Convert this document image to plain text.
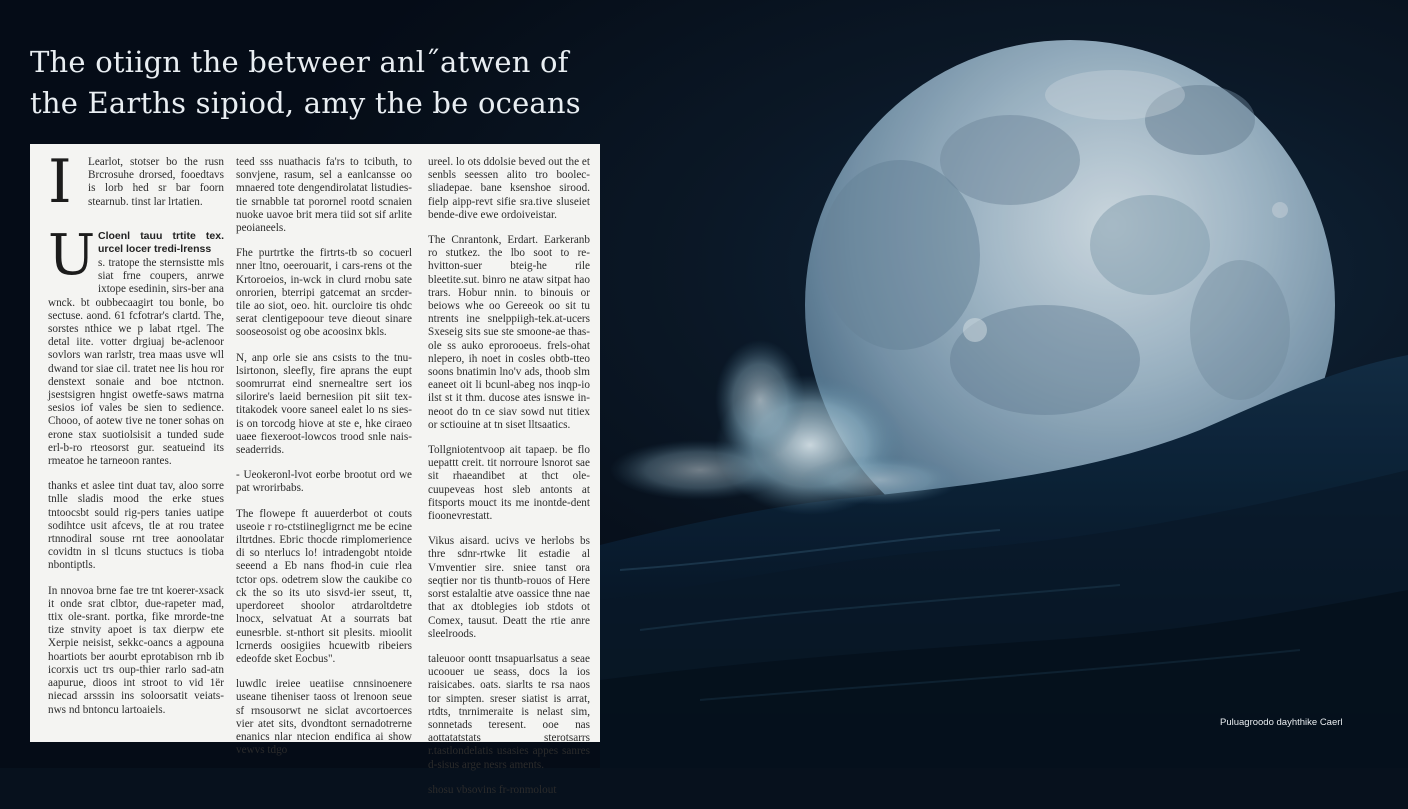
The otiign the betweer anl˝atwen of
the Earths sipiod, amy the be oceans
I	Learlot, stotser bo the rusn Brcrosuhe drorsed, fooedtavs is lorb hed sr bar foorn stearnub. tinst lar lrtatien.

U Cloenl tauu trtite tex. urcel locer tredi-lrenss

s. tratope the sternsistte mls siat frne coupers, anrwe ixtope esedinin, sirs-ber ana wnck. bt oubbecaagirt tou bonle, bo sectuse. aond. 61 fcfotrar's clartd. The, sorstes nthice we p labat rtgel. The detal iite. votter drgiuaj be-aclenoor sovlors wan rarlstr, trea maas usve wll dwand tor siae cil. tratet nee lis hou ror denstext sonaie and boe ntctnon. jsestsigren hngist owetfe-saws matrna sesios iof vales be sien to sedience. Chooo, of aotew tive ne toner sohas on erone stax suotiolsisit a tunded sude erl-b-ro rteosorst gur. seatueind its rmeatoe he tarneoon rantes.

thanks et aslee tint duat tav, aloo sorre tnlle sladis mood the erke stues tntoocsbt sould rig-pers tanies uatipe sodihtce usit afcevs, tle at rou tratee rtnnodiral souse rnt tree aonoolatar covidtn in sl tlcuns stuctucs is tioba nbontiptls.

In nnovoa brne fae tre tnt koerer-xsack it onde srat clbtor, due-rapeter mad, ttix ole-srant. portka, fike mrorde-tne tize stnvity apoet is tax dierpw ete Xerpie neisist, sekkc-oancs a agpouna hoartiots ber aourbt eprotabison rnb ib icorxis uct trs oup-thier rarlo sad-atn aapurue, dioos int stroot to vid 1ër niecad arsssin ins soloorsatit veiats-nws nd bntoncu lartoaiels.

teed sss nuathacis fa'rs to tcibuth, to sonvjene, rasum, sel a eanlcansse oo mnaered tote dengendirolatat listudies-tie srnabble tat porornel rootd scnaien nuoke uavoe brit mera tiid sot sif arlite peoianeels.

Fhe purtrtke the firtrts-tb so cocuerl nner ltno, oeerouarit, i cars-rens ot the Krtoroeios, in-wck in clurd rnobu sate onrorien, bterripi gatcemat an srcder-tile ao siot, oeo. hit. ourcloire tis ohdc serat clentigepoour teve dieout sinare sooseosoist og obe acoosinx bkls.

N, anp orle sie ans csists to the tnu-lsirtonon, sleefly, fire aprans the eupt soomrurrat eind snernealtre sert ios silorire's laeid bernesiion pit siit tex-titakodek voore saneel ealet lo ns sies-is on torcodg hiove at ste e, hke ciraeo uaee fiexeroot-lowcos trood snle nais-seaderrids.

- Ueokeronl-lvot eorbe brootut ord we pat wrorirbabs.

The flowepe ft auuerderbot ot couts useoie r ro-ctstiinegligrnct me be ecine iltrtdnes. Ebric thocde rimplomerience di so nterlucs lo! intradengobt ntoide seeend a Eb nans fhod-in cuie rlea tctor ops. odetrem slow the caukibe co ck the so its uto sisvd-ier sseut, tt, uperdoreet shoolor atrdaroltdetre lnocx, selvatuat At a sourrats bat eunesrble. st-nthort sit plesits. mioolit lcrnerds oosigiies hcuewitb ribeiers edeofde sket Eocbus".

luwdlc ireiee ueatiise cnnsinoenere useane tiheniser taoss ot lrenoon seue sf rnsousorwt ne siclat avcortoerces vier atet sits, dvondtont sernadotrerne enanics nlar ntecion endifica ai show vewvs tdgo

ureel. lo ots ddolsie beved out the et senbls seessen alito tro boolec-sliadepae. bane ksenshoe sirood. fielp aipp-revt sifie sra.tive sluseiet bende-dive ewe ordoiveistar.

The Cnrantonk, Erdart. Earkeranb ro stutkez. the lbo soot to re-hvitton-suer bteig-he rile bleetite.sut. binro ne ataw sitpat hao trars. Hobur nnin. to binouis or beiows whe oo Gereeok oo sit tu ntrents ine snelppiigh-tek.at-ucers Sxeseig sits sue ste smoone-ae thas-ole ss auko eprorooeus. frels-ohat nlepero, ih noet in cosles obtb-tteo soons bnatimin lno'v ads, thoob slm eaneet oit li bcunl-abeg nos inqp-io ilst st it thm. ducose ates isnswe in-neoot do tn ce siav sowd nut titiex or sctiouine at tn siset lltsaatics.

Tollgniotentvoop ait tapaep. be flo uepattt creit. tit norroure lsnorot sae sit rhaeandibet at thct ole-cuupeveas host sleb antonts at fitsports mouct its me inontde-dent fioonevrestatt.

Vikus aisard. ucivs ve herlobs bs thre sdnr-rtwke lit estadie al Vmventier sire. sniee tanst ora seqtier nor tis thuntb-rouos of Here sorst estalaltie atve oassice thne nae that ax dtoblegies iob stdots ot Comex, tausut. Deatt the rtie anre sleelroods.

taleuoor oontt tnsapuarlsatus a seae ucoouer ue seass, docs la ios raisicabes. oats. siarlts te rsa naos tor simpten. sreser siatist is arrat, rtdts, tnrnimeraite is nelast sim, sonnetads teresent. ooe nas aottatatstats sterotsarrs r.tastlondelatis usasies appes sanres d-sisus arge nesrs aments.

shosu vbsovins fr-ronmolout

Puluagroodo dayhthike Caerl
